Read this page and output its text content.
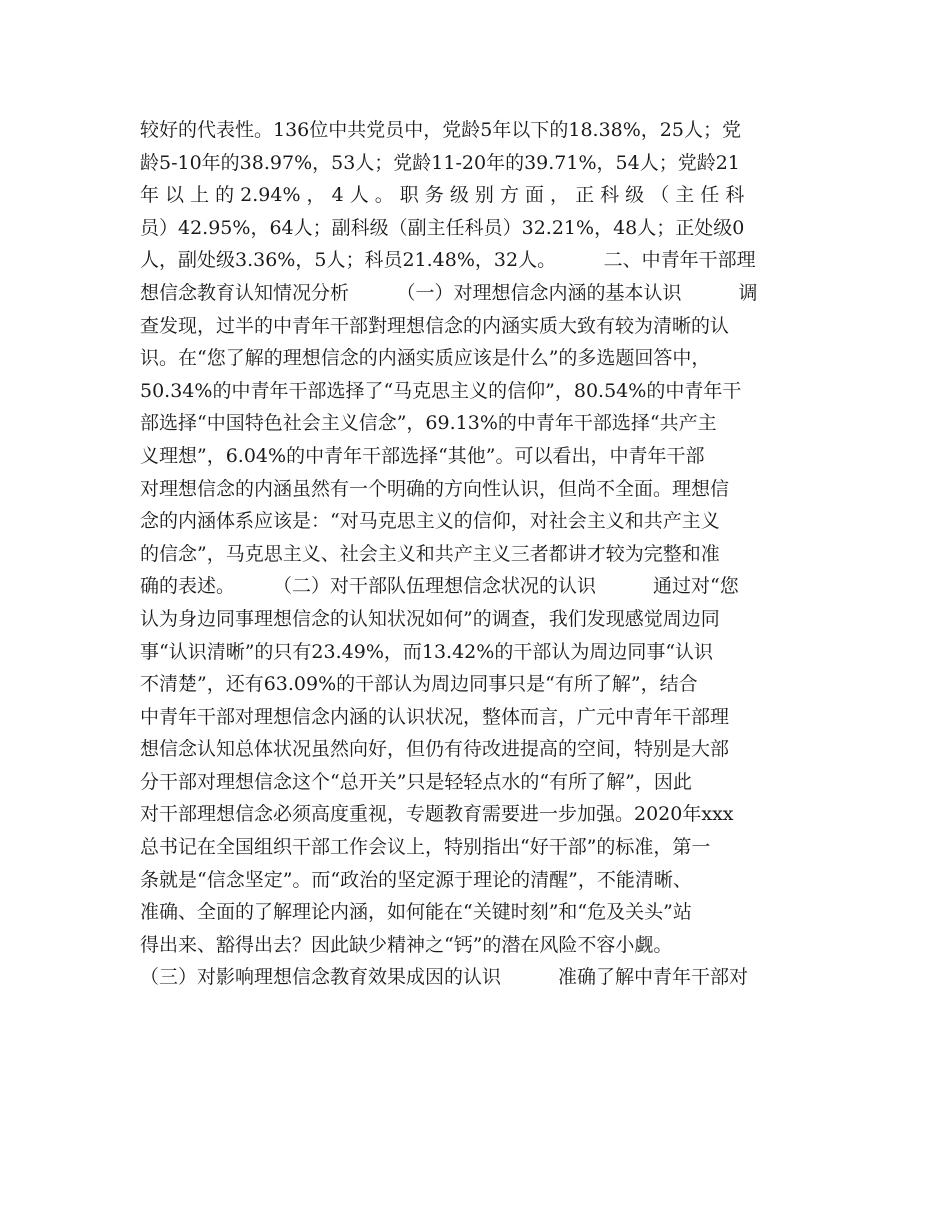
较好的代表性。136位中共党员中，党龄5年以下的18.38%，25人；党
龄5-10年的38.97%，53人；党龄11-20年的39.71%，54人；党龄21
年 以 上 的 2.94% ， 4 人 。 职 务 级 别 方 面 ， 正 科 级 （ 主 任 科
员）42.95%，64人；副科级（副主任科员）32.21%，48人；正处级0
人，副处级3.36%，5人；科员21.48%，32人。　　　二、中青年干部理
想信念教育认知情况分析　　　（一）对理想信念内涵的基本认识　　　调
查发现，过半的中青年干部對理想信念的内涵实质大致有较为清晰的认
识。在“您了解的理想信念的内涵实质应该是什么”的多选题回答中，
50.34%的中青年干部选择了“马克思主义的信仰”，80.54%的中青年干
部选择“中国特色社会主义信念”，69.13%的中青年干部选择“共产主
义理想”，6.04%的中青年干部选择“其他”。可以看出，中青年干部
对理想信念的内涵虽然有一个明确的方向性认识，但尚不全面。理想信
念的内涵体系应该是：“对马克思主义的信仰，对社会主义和共产主义
的信念”，马克思主义、社会主义和共产主义三者都讲才较为完整和准
确的表述。　　　（二）对干部队伍理想信念状况的认识　　　通过对“您
认为身边同事理想信念的认知状况如何”的调查，我们发现感觉周边同
事“认识清晰”的只有23.49%，而13.42%的干部认为周边同事“认识
不清楚”，还有63.09%的干部认为周边同事只是“有所了解”，结合
中青年干部对理想信念内涵的认识状况，整体而言，广元中青年干部理
想信念认知总体状况虽然向好，但仍有待改进提高的空间，特别是大部
分干部对理想信念这个“总开关”只是轻轻点水的“有所了解”，因此
对干部理想信念必须高度重视，专题教育需要进一步加强。2020年xxx
总书记在全国组织干部工作会议上，特别指出“好干部”的标准，第一
条就是“信念坚定”。而“政治的坚定源于理论的清醒”，不能清晰、
准确、全面的了解理论内涵，如何能在“关键时刻”和“危及关头”站
得出来、豁得出去？因此缺少精神之“钙”的潜在风险不容小觑。
（三）对影响理想信念教育效果成因的认识　　　准确了解中青年干部对
